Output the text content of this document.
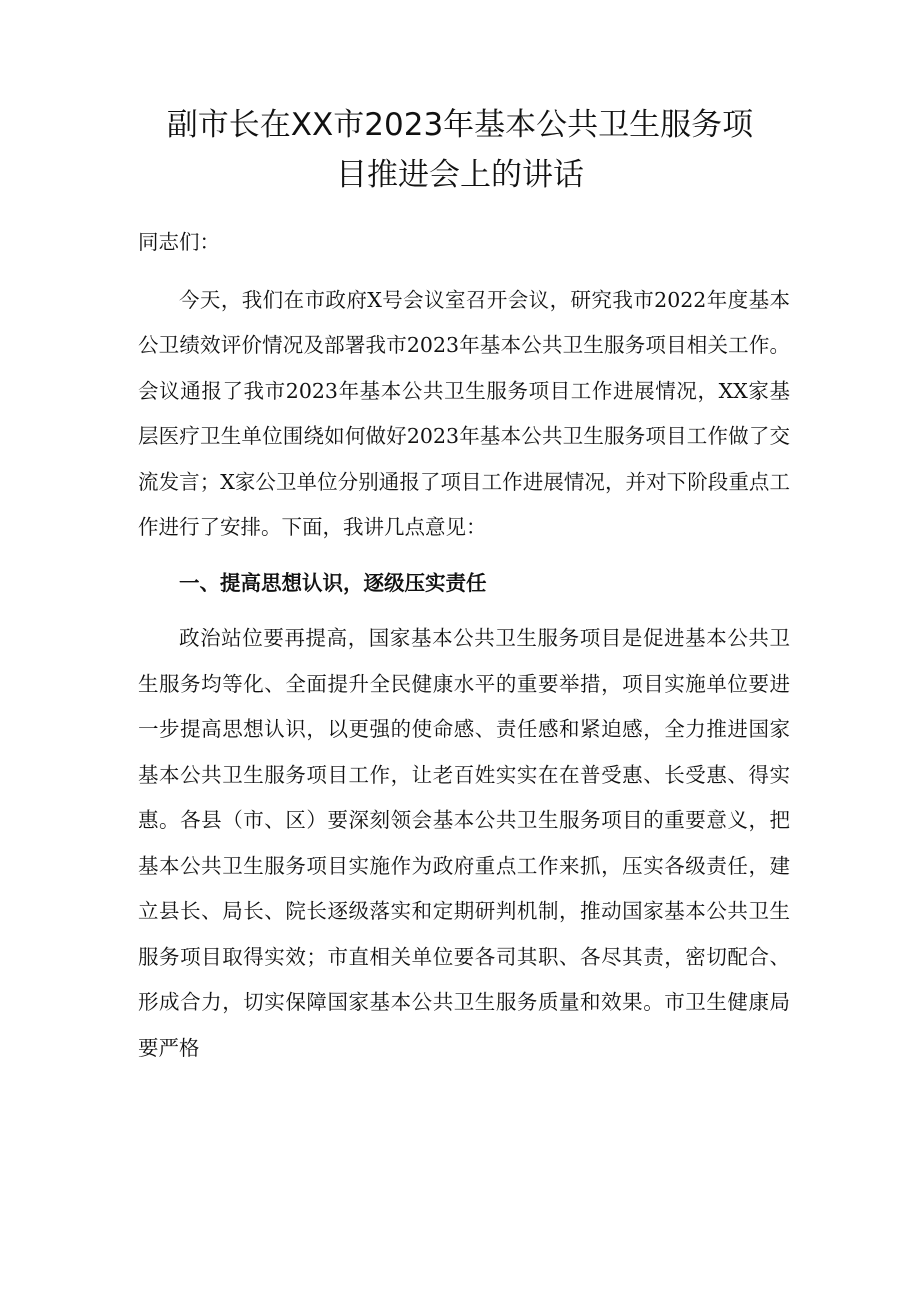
副市长在XX市2023年基本公共卫生服务项
目推进会上的讲话

同志们：

今天，我们在市政府X号会议室召开会议，研究我市2022年度基本公卫绩效评价情况及部署我市2023年基本公共卫生服务项目相关工作。会议通报了我市2023年基本公共卫生服务项目工作进展情况，XX家基层医疗卫生单位围绕如何做好2023年基本公共卫生服务项目工作做了交流发言；X家公卫单位分别通报了项目工作进展情况，并对下阶段重点工作进行了安排。下面，我讲几点意见：

一、提高思想认识，逐级压实责任

政治站位要再提高，国家基本公共卫生服务项目是促进基本公共卫生服务均等化、全面提升全民健康水平的重要举措，项目实施单位要进一步提高思想认识，以更强的使命感、责任感和紧迫感，全力推进国家基本公共卫生服务项目工作，让老百姓实实在在普受惠、长受惠、得实惠。各县（市、区）要深刻领会基本公共卫生服务项目的重要意义，把基本公共卫生服务项目实施作为政府重点工作来抓，压实各级责任，建立县长、局长、院长逐级落实和定期研判机制，推动国家基本公共卫生服务项目取得实效；市直相关单位要各司其职、各尽其责，密切配合、形成合力，切实保障国家基本公共卫生服务质量和效果。市卫生健康局要严格
